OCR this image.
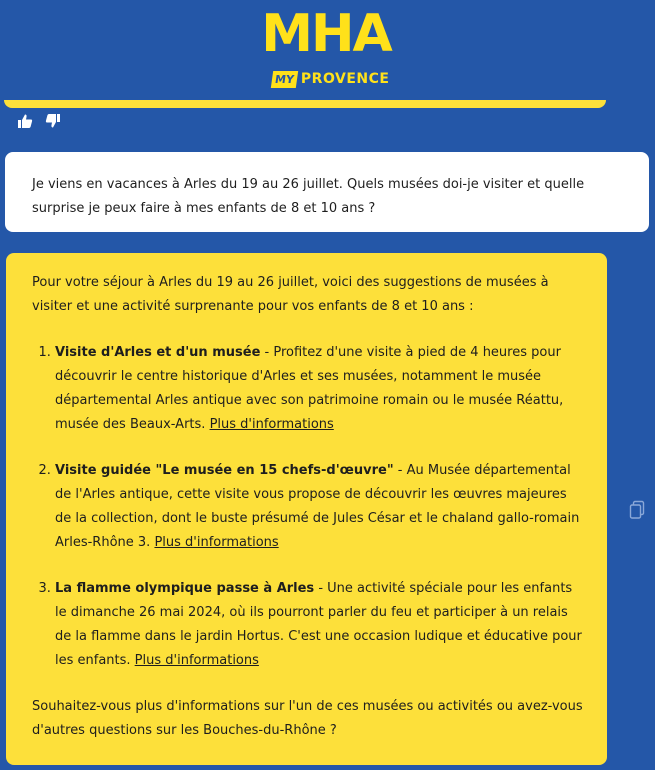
MHA
MY PROVENCE

Je viens en vacances à Arles du 19 au 26 juillet. Quels musées doi-je visiter et quelle surprise je peux faire à mes enfants de 8 et 10 ans ?

Pour votre séjour à Arles du 19 au 26 juillet, voici des suggestions de musées à visiter et une activité surprenante pour vos enfants de 8 et 10 ans :

1. Visite d'Arles et d'un musée - Profitez d'une visite à pied de 4 heures pour découvrir le centre historique d'Arles et ses musées, notamment le musée départemental Arles antique avec son patrimoine romain ou le musée Réattu, musée des Beaux-Arts. Plus d'informations
2. Visite guidée "Le musée en 15 chefs-d'œuvre" - Au Musée départemental de l'Arles antique, cette visite vous propose de découvrir les œuvres majeures de la collection, dont le buste présumé de Jules César et le chaland gallo-romain Arles-Rhône 3. Plus d'informations
3. La flamme olympique passe à Arles - Une activité spéciale pour les enfants le dimanche 26 mai 2024, où ils pourront parler du feu et participer à un relais de la flamme dans le jardin Hortus. C'est une occasion ludique et éducative pour les enfants. Plus d'informations

Souhaitez-vous plus d'informations sur l'un de ces musées ou activités ou avez-vous d'autres questions sur les Bouches-du-Rhône ?
